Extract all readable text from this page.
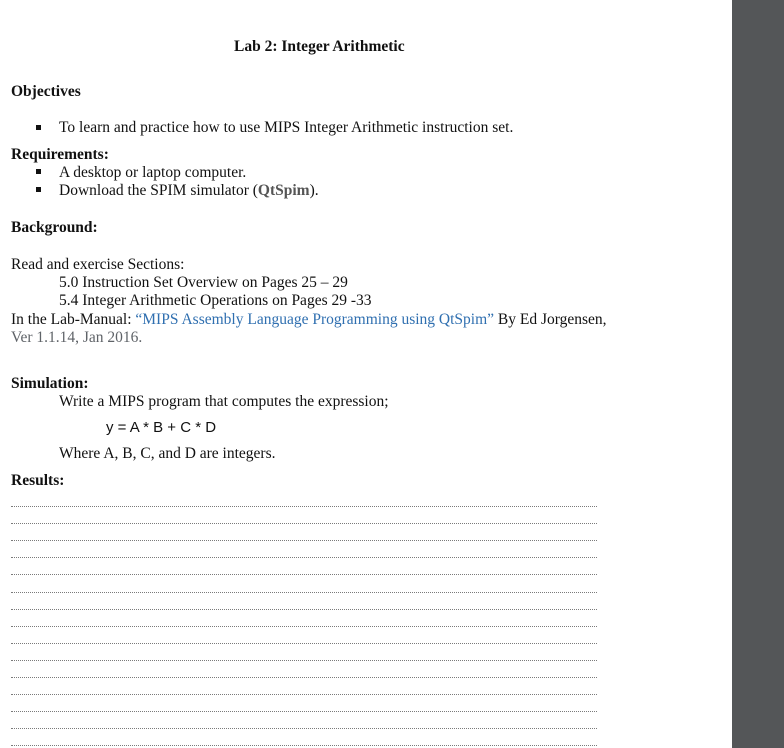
Lab 2: Integer Arithmetic
Objectives
To learn and practice how to use MIPS Integer Arithmetic instruction set.
Requirements:
A desktop or laptop computer.
Download the SPIM simulator (QtSpim).
Background:
Read and exercise Sections:
5.0 Instruction Set Overview on Pages 25 – 29
5.4 Integer Arithmetic Operations on Pages 29 -33
In the Lab-Manual: “MIPS Assembly Language Programming using QtSpim” By Ed Jorgensen,
Ver 1.1.14, Jan 2016.
Simulation:
Write a MIPS program that computes the expression;
y = A * B + C * D
Where A, B, C, and D are integers.
Results:
